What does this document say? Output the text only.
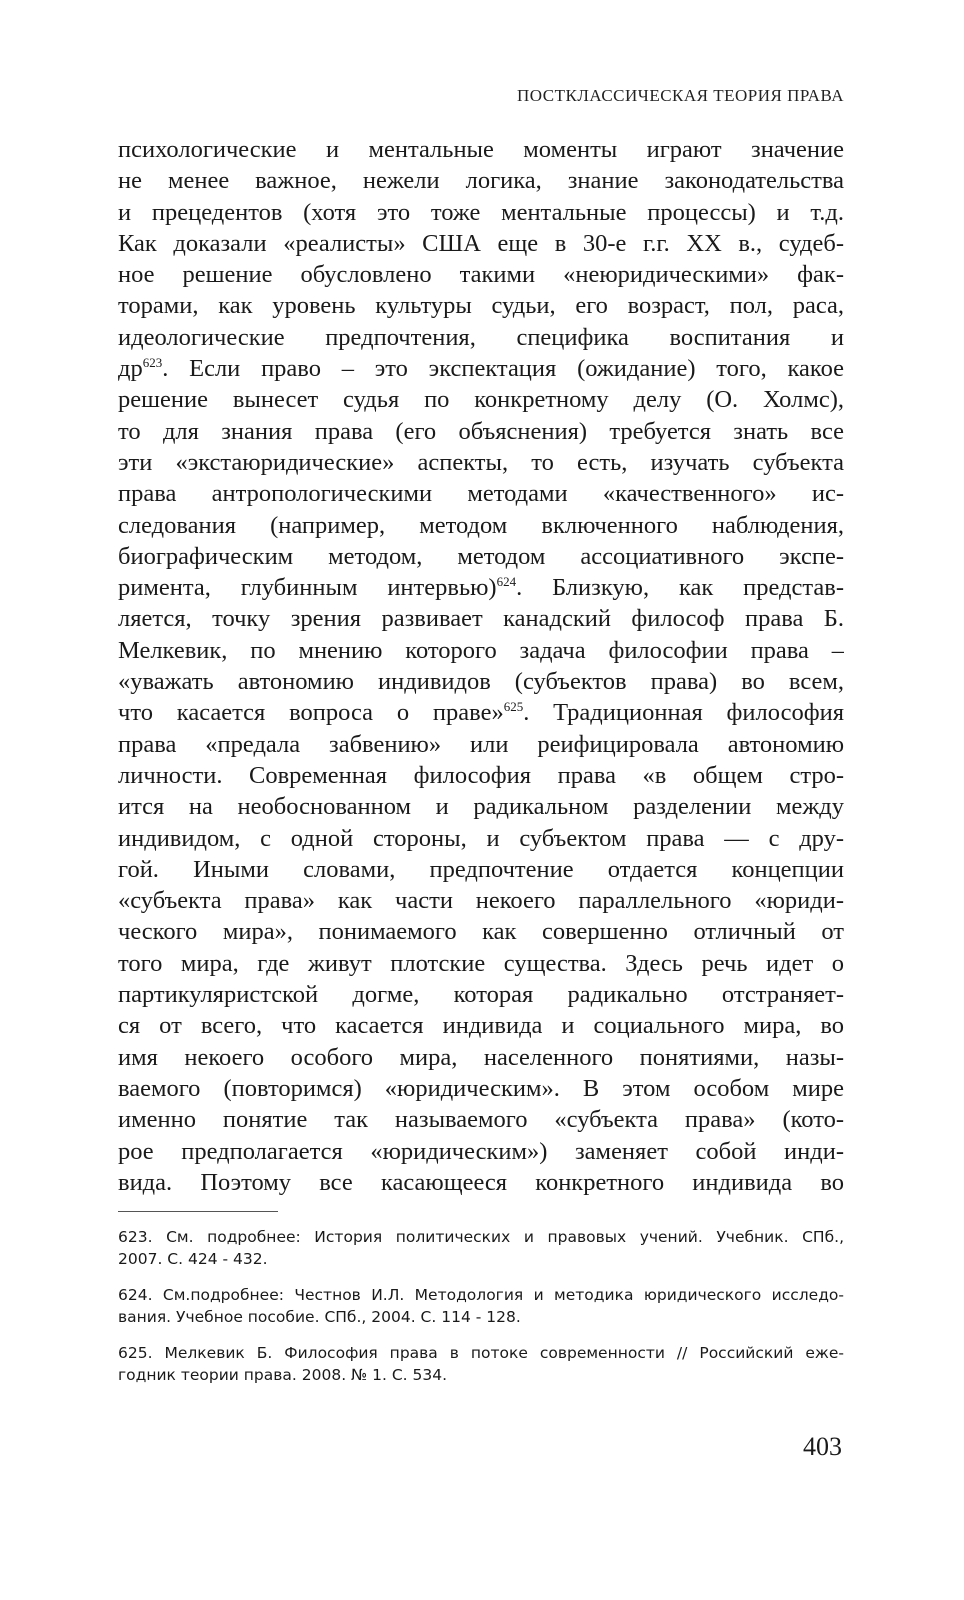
ПОСТКЛАССИЧЕСКАЯ ТЕОРИЯ ПРАВА
психологические и ментальные моменты играют значение
не менее важное, нежели логика, знание законодательства
и прецедентов (хотя это тоже ментальные процессы) и т.д.
Как доказали «реалисты» США еще в 30-е г.г. XX в., судеб-
ное решение обусловлено такими «неюридическими» фак-
торами, как уровень культуры судьи, его возраст, пол, раса,
идеологические предпочтения, специфика воспитания и
$др^{623}$. Если право – это экспектация (ожидание) того, какое
решение вынесет судья по конкретному делу (О. Холмс),
то для знания права (его объяснения) требуется знать все
эти «экстаюридические» аспекты, то есть, изучать субъекта
права антропологическими методами «качественного» ис-
следования (например, методом включенного наблюдения,
биографическим методом, методом ассоциативного экспе-
римента, глубинным интервью)$^{624}$. Близкую, как представ-
ляется, точку зрения развивает канадский философ права Б.
Мелкевик, по мнению которого задача философии права –
«уважать автономию индивидов (субъектов права) во всем,
что касается вопроса о праве»$^{625}$. Традиционная философия
права «предала забвению» или реифицировала автономию
личности. Современная философия права «в общем стро-
ится на необоснованном и радикальном разделении между
индивидом, с одной стороны, и субъектом права — с дру-
гой. Иными словами, предпочтение отдается концепции
«субъекта права» как части некоего параллельного «юриди-
ческого мира», понимаемого как совершенно отличный от
того мира, где живут плотские существа. Здесь речь идет о
партикуляристской догме, которая радикально отстраняет-
ся от всего, что касается индивида и социального мира, во
имя некоего особого мира, населенного понятиями, назы-
ваемого (повторимся) «юридическим». В этом особом мире
именно понятие так называемого «субъекта права» (кото-
рое предполагается «юридическим») заменяет собой инди-
вида. Поэтому все касающееся конкретного индивида во
623. См. подробнее: История политических и правовых учений. Учебник. СПб.,
2007. С. 424 - 432.
624. См.подробнее: Честнов И.Л. Методология и методика юридического исследо-
вания. Учебное пособие. СПб., 2004. С. 114 - 128.
625. Мелкевик Б. Философия права в потоке современности // Российский еже-
годник теории права. 2008. № 1. С. 534.
403
